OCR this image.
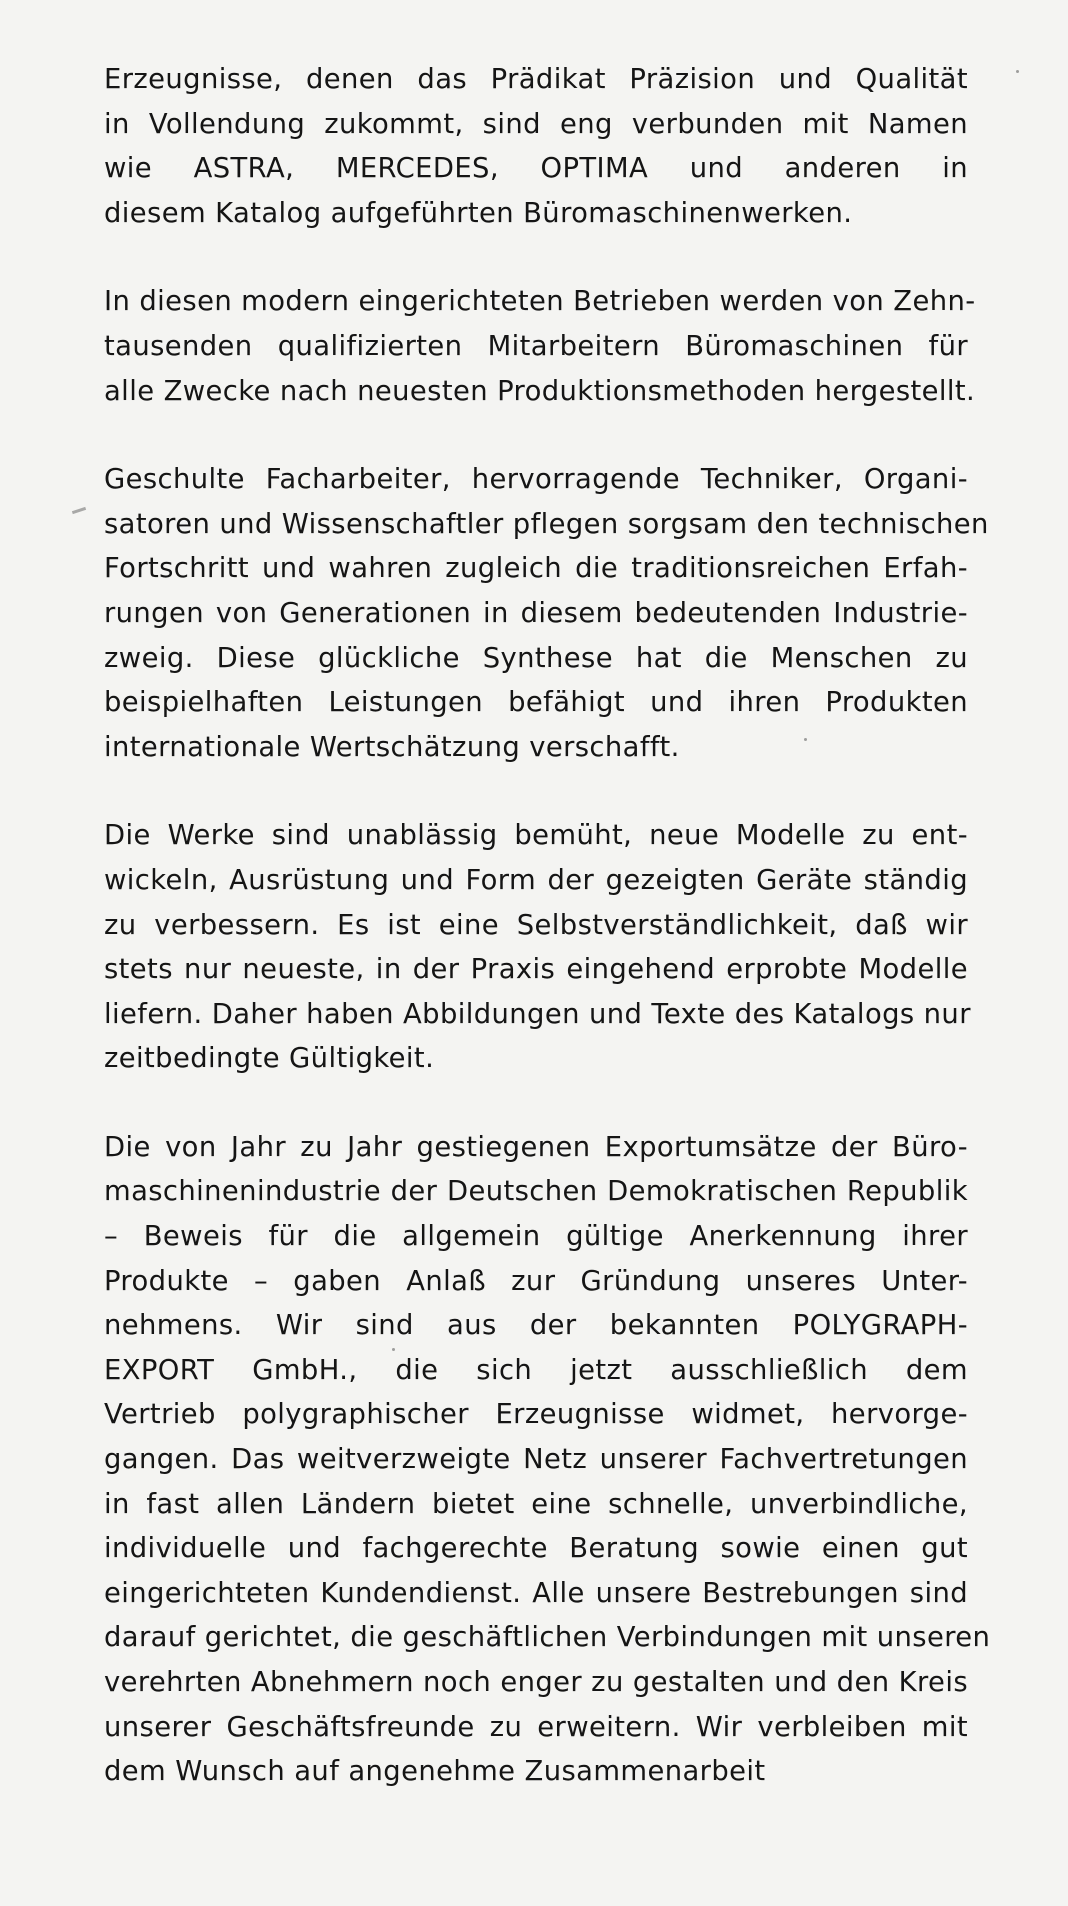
Erzeugnisse, denen das Prädikat Präzision und Qualität
in Vollendung zukommt, sind eng verbunden mit Namen
wie ASTRA, MERCEDES, OPTIMA und anderen in
diesem Katalog aufgeführten Büromaschinenwerken.

In diesen modern eingerichteten Betrieben werden von Zehn-
tausenden qualifizierten Mitarbeitern Büromaschinen für
alle Zwecke nach neuesten Produktionsmethoden hergestellt.

Geschulte Facharbeiter, hervorragende Techniker, Organi-
satoren und Wissenschaftler pflegen sorgsam den technischen
Fortschritt und wahren zugleich die traditionsreichen Erfah-
rungen von Generationen in diesem bedeutenden Industrie-
zweig. Diese glückliche Synthese hat die Menschen zu
beispielhaften Leistungen befähigt und ihren Produkten
internationale Wertschätzung verschafft.

Die Werke sind unablässig bemüht, neue Modelle zu ent-
wickeln, Ausrüstung und Form der gezeigten Geräte ständig
zu verbessern. Es ist eine Selbstverständlichkeit, daß wir
stets nur neueste, in der Praxis eingehend erprobte Modelle
liefern. Daher haben Abbildungen und Texte des Katalogs nur
zeitbedingte Gültigkeit.

Die von Jahr zu Jahr gestiegenen Exportumsätze der Büro-
maschinenindustrie der Deutschen Demokratischen Republik
– Beweis für die allgemein gültige Anerkennung ihrer
Produkte – gaben Anlaß zur Gründung unseres Unter-
nehmens. Wir sind aus der bekannten POLYGRAPH-
EXPORT GmbH., die sich jetzt ausschließlich dem
Vertrieb polygraphischer Erzeugnisse widmet, hervorge-
gangen. Das weitverzweigte Netz unserer Fachvertretungen
in fast allen Ländern bietet eine schnelle, unverbindliche,
individuelle und fachgerechte Beratung sowie einen gut
eingerichteten Kundendienst. Alle unsere Bestrebungen sind
darauf gerichtet, die geschäftlichen Verbindungen mit unseren
verehrten Abnehmern noch enger zu gestalten und den Kreis
unserer Geschäftsfreunde zu erweitern. Wir verbleiben mit
dem Wunsch auf angenehme Zusammenarbeit
